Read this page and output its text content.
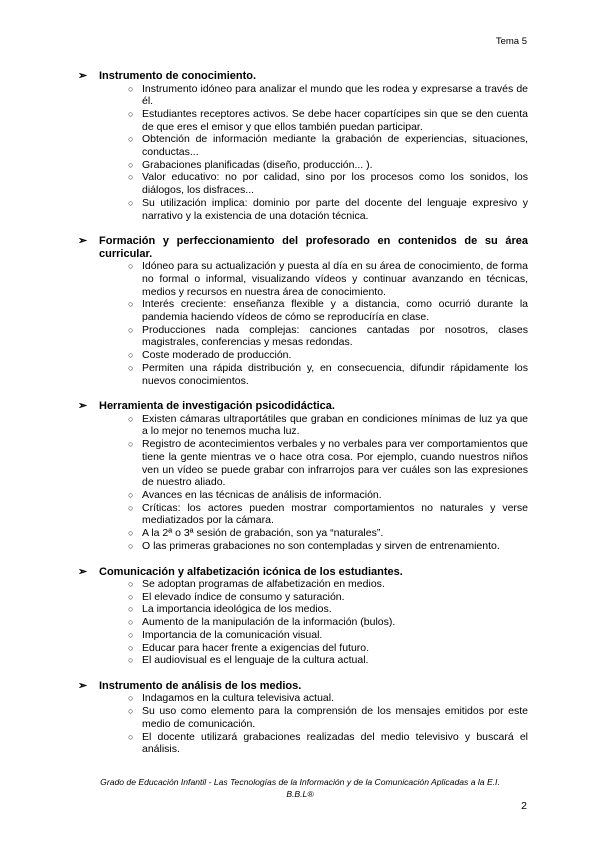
Tema 5
➢	Instrumento de conocimiento.
○ Instrumento idóneo para analizar el mundo que les rodea y expresarse a través de él.
○ Estudiantes receptores activos. Se debe hacer copartícipes sin que se den cuenta de que eres el emisor y que ellos también puedan participar.
○ Obtención de información mediante la grabación de experiencias, situaciones, conductas...
○ Grabaciones planificadas (diseño, producción... ).
○ Valor educativo: no por calidad, sino por los procesos como los sonidos, los diálogos, los disfraces...
○ Su utilización implica: dominio por parte del docente del lenguaje expresivo y narrativo y la existencia de una dotación técnica.
➢	Formación y perfeccionamiento del profesorado en contenidos de su área curricular.
○ Idóneo para su actualización y puesta al día en su área de conocimiento, de forma no formal o informal, visualizando vídeos y continuar avanzando en técnicas, medios y recursos en nuestra área de conocimiento.
○ Interés creciente: enseñanza flexible y a distancia, como ocurrió durante la pandemia haciendo vídeos de cómo se reproducíría en clase.
○ Producciones nada complejas: canciones cantadas por nosotros, clases magistrales, conferencias y mesas redondas.
○ Coste moderado de producción.
○ Permiten una rápida distribución y, en consecuencia, difundir rápidamente los nuevos conocimientos.
➢	Herramienta de investigación psicodidáctica.
○ Existen cámaras ultraportátiles que graban en condiciones mínimas de luz ya que a lo mejor no tenemos mucha luz.
○ Registro de acontecimientos verbales y no verbales para ver comportamientos que tiene la gente mientras ve o hace otra cosa. Por ejemplo, cuando nuestros niños ven un vídeo se puede grabar con infrarrojos para ver cuáles son las expresiones de nuestro aliado.
○ Avances en las técnicas de análisis de información.
○ Críticas: los actores pueden mostrar comportamientos no naturales y verse mediatizados por la cámara.
○ A la 2ª o 3ª sesión de grabación, son ya “naturales”.
○ O las primeras grabaciones no son contempladas y sirven de entrenamiento.
➢	Comunicación y alfabetización icónica de los estudiantes.
○ Se adoptan programas de alfabetización en medios.
○ El elevado índice de consumo y saturación.
○ La importancia ideológica de los medios.
○ Aumento de la manipulación de la información (bulos).
○ Importancia de la comunicación visual.
○ Educar para hacer frente a exigencias del futuro.
○ El audiovisual es el lenguaje de la cultura actual.
➢	Instrumento de análisis de los medios.
○ Indagamos en la cultura televisiva actual.
○ Su uso como elemento para la comprensión de los mensajes emitidos por este medio de comunicación.
○ El docente utilizará grabaciones realizadas del medio televisivo y buscará el análisis.
Grado de Educación Infantil - Las Tecnologías de la Información y de la Comunicación Aplicadas a la E.I.
B.B.L®
2
